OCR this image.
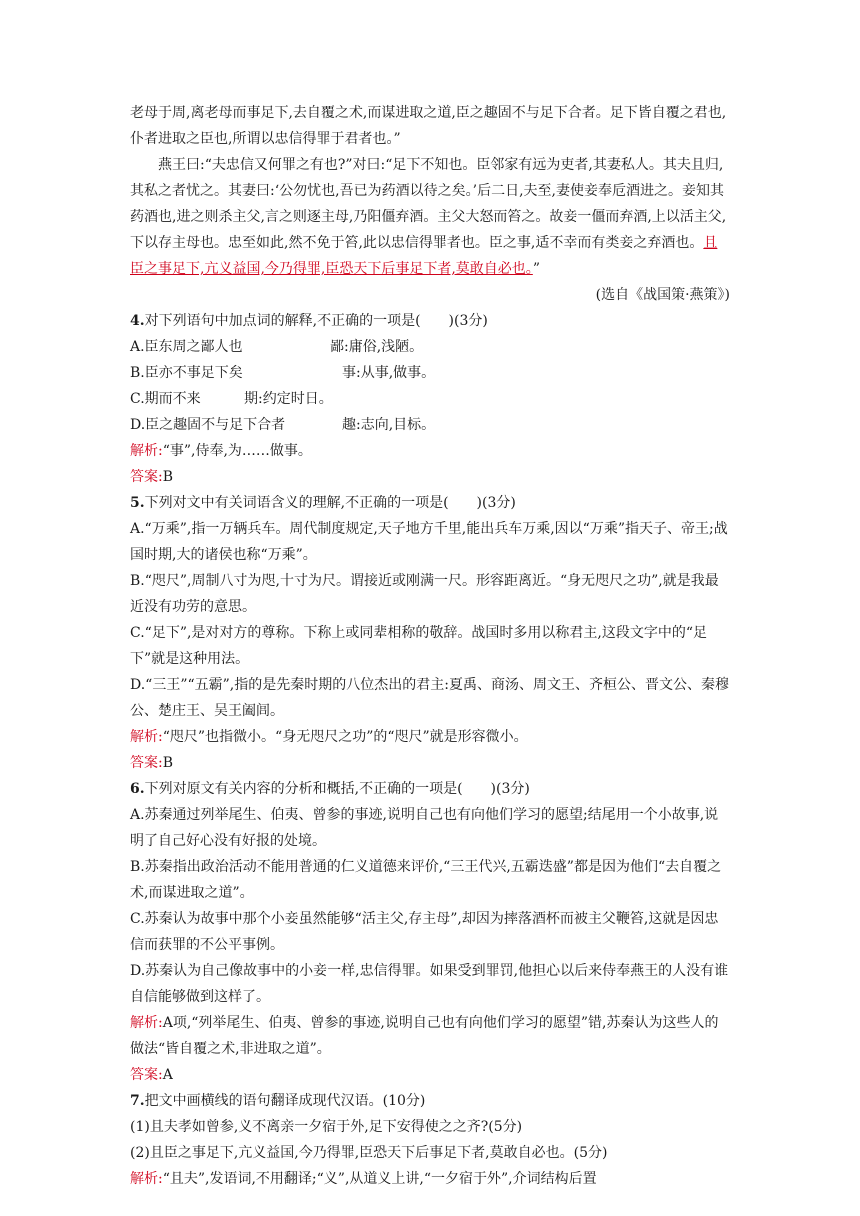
老母于周,离老母而事足下,去自覆之术,而谋进取之道,臣之趣固不与足下合者。足下皆自覆之君也,仆者进取之臣也,所谓以忠信得罪于君者也。”

燕王曰:“夫忠信又何罪之有也?”对曰:“足下不知也。臣邻家有远为吏者,其妻私人。其夫且归,其私之者忧之。其妻曰:‘公勿忧也,吾已为药酒以待之矣。’后二日,夫至,妻使妾奉卮酒进之。妾知其药酒也,进之则杀主父,言之则逐主母,乃阳僵弃酒。主父大怒而笞之。故妾一僵而弃酒,上以活主父,下以存主母也。忠至如此,然不免于笞,此以忠信得罪者也。臣之事,适不幸而有类妾之弃酒也。且臣之事足下,亢义益国,今乃得罪,臣恐天下后事足下者,莫敢自必也。”

(选自《战国策·燕策》)

4.对下列语句中加点词的解释,不正确的一项是(　　)(3分)

A.臣东周之鄙人也	鄙:庸俗,浅陋。

B.臣亦不事足下矣	事:从事,做事。

C.期而不来	期:约定时日。

D.臣之趣固不与足下合者	趣:志向,目标。

解析:“事”,侍奉,为……做事。

答案:B

5.下列对文中有关词语含义的理解,不正确的一项是(　　)(3分)

A.“万乘”,指一万辆兵车。周代制度规定,天子地方千里,能出兵车万乘,因以“万乘”指天子、帝王;战国时期,大的诸侯也称“万乘”。

B.“咫尺”,周制八寸为咫,十寸为尺。谓接近或刚满一尺。形容距离近。“身无咫尺之功”,就是我最近没有功劳的意思。

C.“足下”,是对对方的尊称。下称上或同辈相称的敬辞。战国时多用以称君主,这段文字中的“足下”就是这种用法。

D.“三王”“五霸”,指的是先秦时期的八位杰出的君主:夏禹、商汤、周文王、齐桓公、晋文公、秦穆公、楚庄王、吴王阖闾。

解析:“咫尺”也指微小。“身无咫尺之功”的“咫尺”就是形容微小。

答案:B

6.下列对原文有关内容的分析和概括,不正确的一项是(　　)(3分)

A.苏秦通过列举尾生、伯夷、曾参的事迹,说明自己也有向他们学习的愿望;结尾用一个小故事,说明了自己好心没有好报的处境。

B.苏秦指出政治活动不能用普通的仁义道德来评价,“三王代兴,五霸迭盛”都是因为他们“去自覆之术,而谋进取之道”。

C.苏秦认为故事中那个小妾虽然能够“活主父,存主母”,却因为摔落酒杯而被主父鞭笞,这就是因忠信而获罪的不公平事例。

D.苏秦认为自己像故事中的小妾一样,忠信得罪。如果受到罪罚,他担心以后来侍奉燕王的人没有谁自信能够做到这样了。

解析:A项,“列举尾生、伯夷、曾参的事迹,说明自己也有向他们学习的愿望”错,苏秦认为这些人的做法“皆自覆之术,非进取之道”。

答案:A

7.把文中画横线的语句翻译成现代汉语。(10分)

(1)且夫孝如曾参,义不离亲一夕宿于外,足下安得使之之齐?(5分)

(2)且臣之事足下,亢义益国,今乃得罪,臣恐天下后事足下者,莫敢自必也。(5分)

解析:“且夫”,发语词,不用翻译;“义”,从道义上讲,“一夕宿于外”,介词结构后置
